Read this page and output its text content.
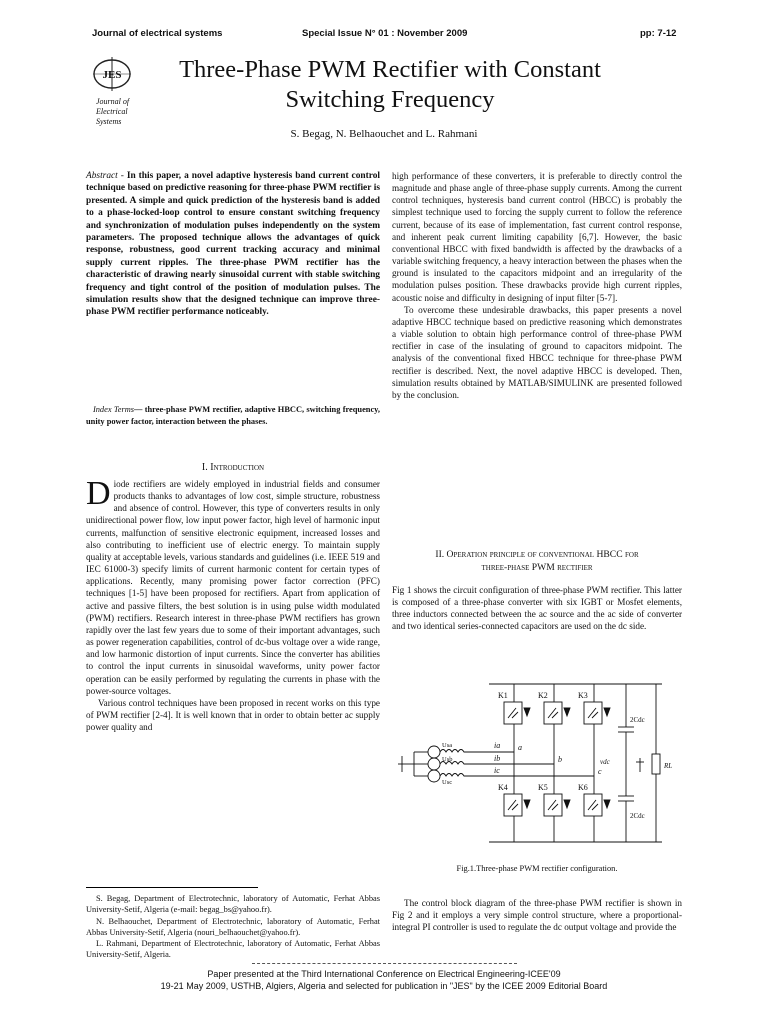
Journal of electrical systems	Special Issue N° 01 : November 2009	pp: 7-12
JES
Journal of
Electrical
Systems
Three-Phase PWM Rectifier with Constant
Switching Frequency
S. Begag, N. Belhaouchet and L. Rahmani
Abstract - In this paper, a novel adaptive hysteresis band current control technique based on predictive reasoning for three-phase PWM rectifier is presented. A simple and quick prediction of the hysteresis band is added to a phase-locked-loop control to ensure constant switching frequency and synchronization of modulation pulses independently on the system parameters. The proposed technique allows the advantages of quick response, robustness, good current tracking accuracy and minimal supply current ripples. The three-phase PWM rectifier has the characteristic of drawing nearly sinusoidal current with stable switching frequency and tight control of the position of modulation pulses. The simulation results show that the designed technique can improve three-phase PWM rectifier performance noticeably.
Index Terms— three-phase PWM rectifier, adaptive HBCC, switching frequency, unity power factor, interaction between the phases.
I. Introduction

Diode rectifiers are widely employed in industrial fields and consumer products thanks to advantages of low cost, simple structure, robustness and absence of control. However, this type of converters results in only unidirectional power flow, low input power factor, high level of harmonic input currents, malfunction of sensitive electronic equipment, increased losses and also contributing to inefficient use of electric energy. To maintain supply quality at acceptable levels, various standards and guidelines (i.e. IEEE 519 and IEC 61000-3) specify limits of current harmonic content for certain types of applications. Recently, many promising power factor correction (PFC) techniques [1-5] have been proposed for rectifiers. Apart from application of active and passive filters, the best solution is in using pulse width modulated (PWM) rectifiers. Research interest in three-phase PWM rectifiers has grown rapidly over the last few years due to some of their important advantages, such as power regeneration capabilities, control of dc-bus voltage over a wide range, and low harmonic distortion of input currents. Since the converter has abilities to control the input currents in sinusoidal waveforms, unity power factor operation can be easily performed by regulating the currents in phase with the power-source voltages.

Various control techniques have been proposed in recent works on this type of PWM rectifier [2-4]. It is well known that in order to obtain better ac supply power quality and

high performance of these converters, it is preferable to directly control the magnitude and phase angle of three-phase supply currents. Among the current control techniques, hysteresis band current control (HBCC) is probably the simplest technique used to forcing the supply current to follow the reference current, because of its ease of implementation, fast current control response, and inherent peak current limiting capability [6,7]. However, the basic conventional HBCC with fixed bandwidth is affected by the drawbacks of a variable switching frequency, a heavy interaction between the phases when the ground is insulated to the capacitors midpoint and an irregularity of the modulation pulses position. These drawbacks provide high current ripples, acoustic noise and difficulty in designing of input filter [5-7].

To overcome these undesirable drawbacks, this paper presents a novel adaptive HBCC technique based on predictive reasoning which demonstrates a viable solution to obtain high performance control of three-phase PWM rectifier in case of the insulating of ground to capacitors midpoint. The analysis of the conventional fixed HBCC technique for three-phase PWM rectifier is described. Next, the novel adaptive HBCC is developed. Then, simulation results obtained by MATLAB/SIMULINK are presented followed by the conclusion.

II. Operation principle of conventional HBCC for
three-phase PWM rectifier
Fig 1 shows the circuit configuration of three-phase PWM rectifier. This latter is composed of a three-phase converter with six IGBT or Mosfet elements, three inductors connected between the ac source and the ac side of converter and two identical series-connected capacitors are used on the dc side.
K1	K2	K3
K4	K5	K6
Usa
Usb
Usc
ia
ib
ic
a
b
c
2Cdc
2Cdc
vdc	RL
Fig.1.Three-phase PWM rectifier configuration.
The control block diagram of the three-phase PWM rectifier is shown in Fig 2 and it employs a very simple control structure, where a proportional-integral PI controller is used to regulate the dc output voltage and provide the

S. Begag, Department of Electrotechnic, laboratory of Automatic, Ferhat Abbas University-Setif, Algeria (e-mail: begag_bs@yahoo.fr).

N. Belhaouchet, Department of Electrotechnic, laboratory of Automatic, Ferhat Abbas University-Setif, Algeria (nouri_belhaouchet@yahoo.fr).

L. Rahmani, Department of Electrotechnic, laboratory of Automatic, Ferhat Abbas University-Setif, Algeria.

Paper presented at the Third International Conference on Electrical Engineering-ICEE'09
19-21 May 2009, USTHB, Algiers, Algeria and selected for publication in "JES" by the ICEE 2009 Editorial Board
